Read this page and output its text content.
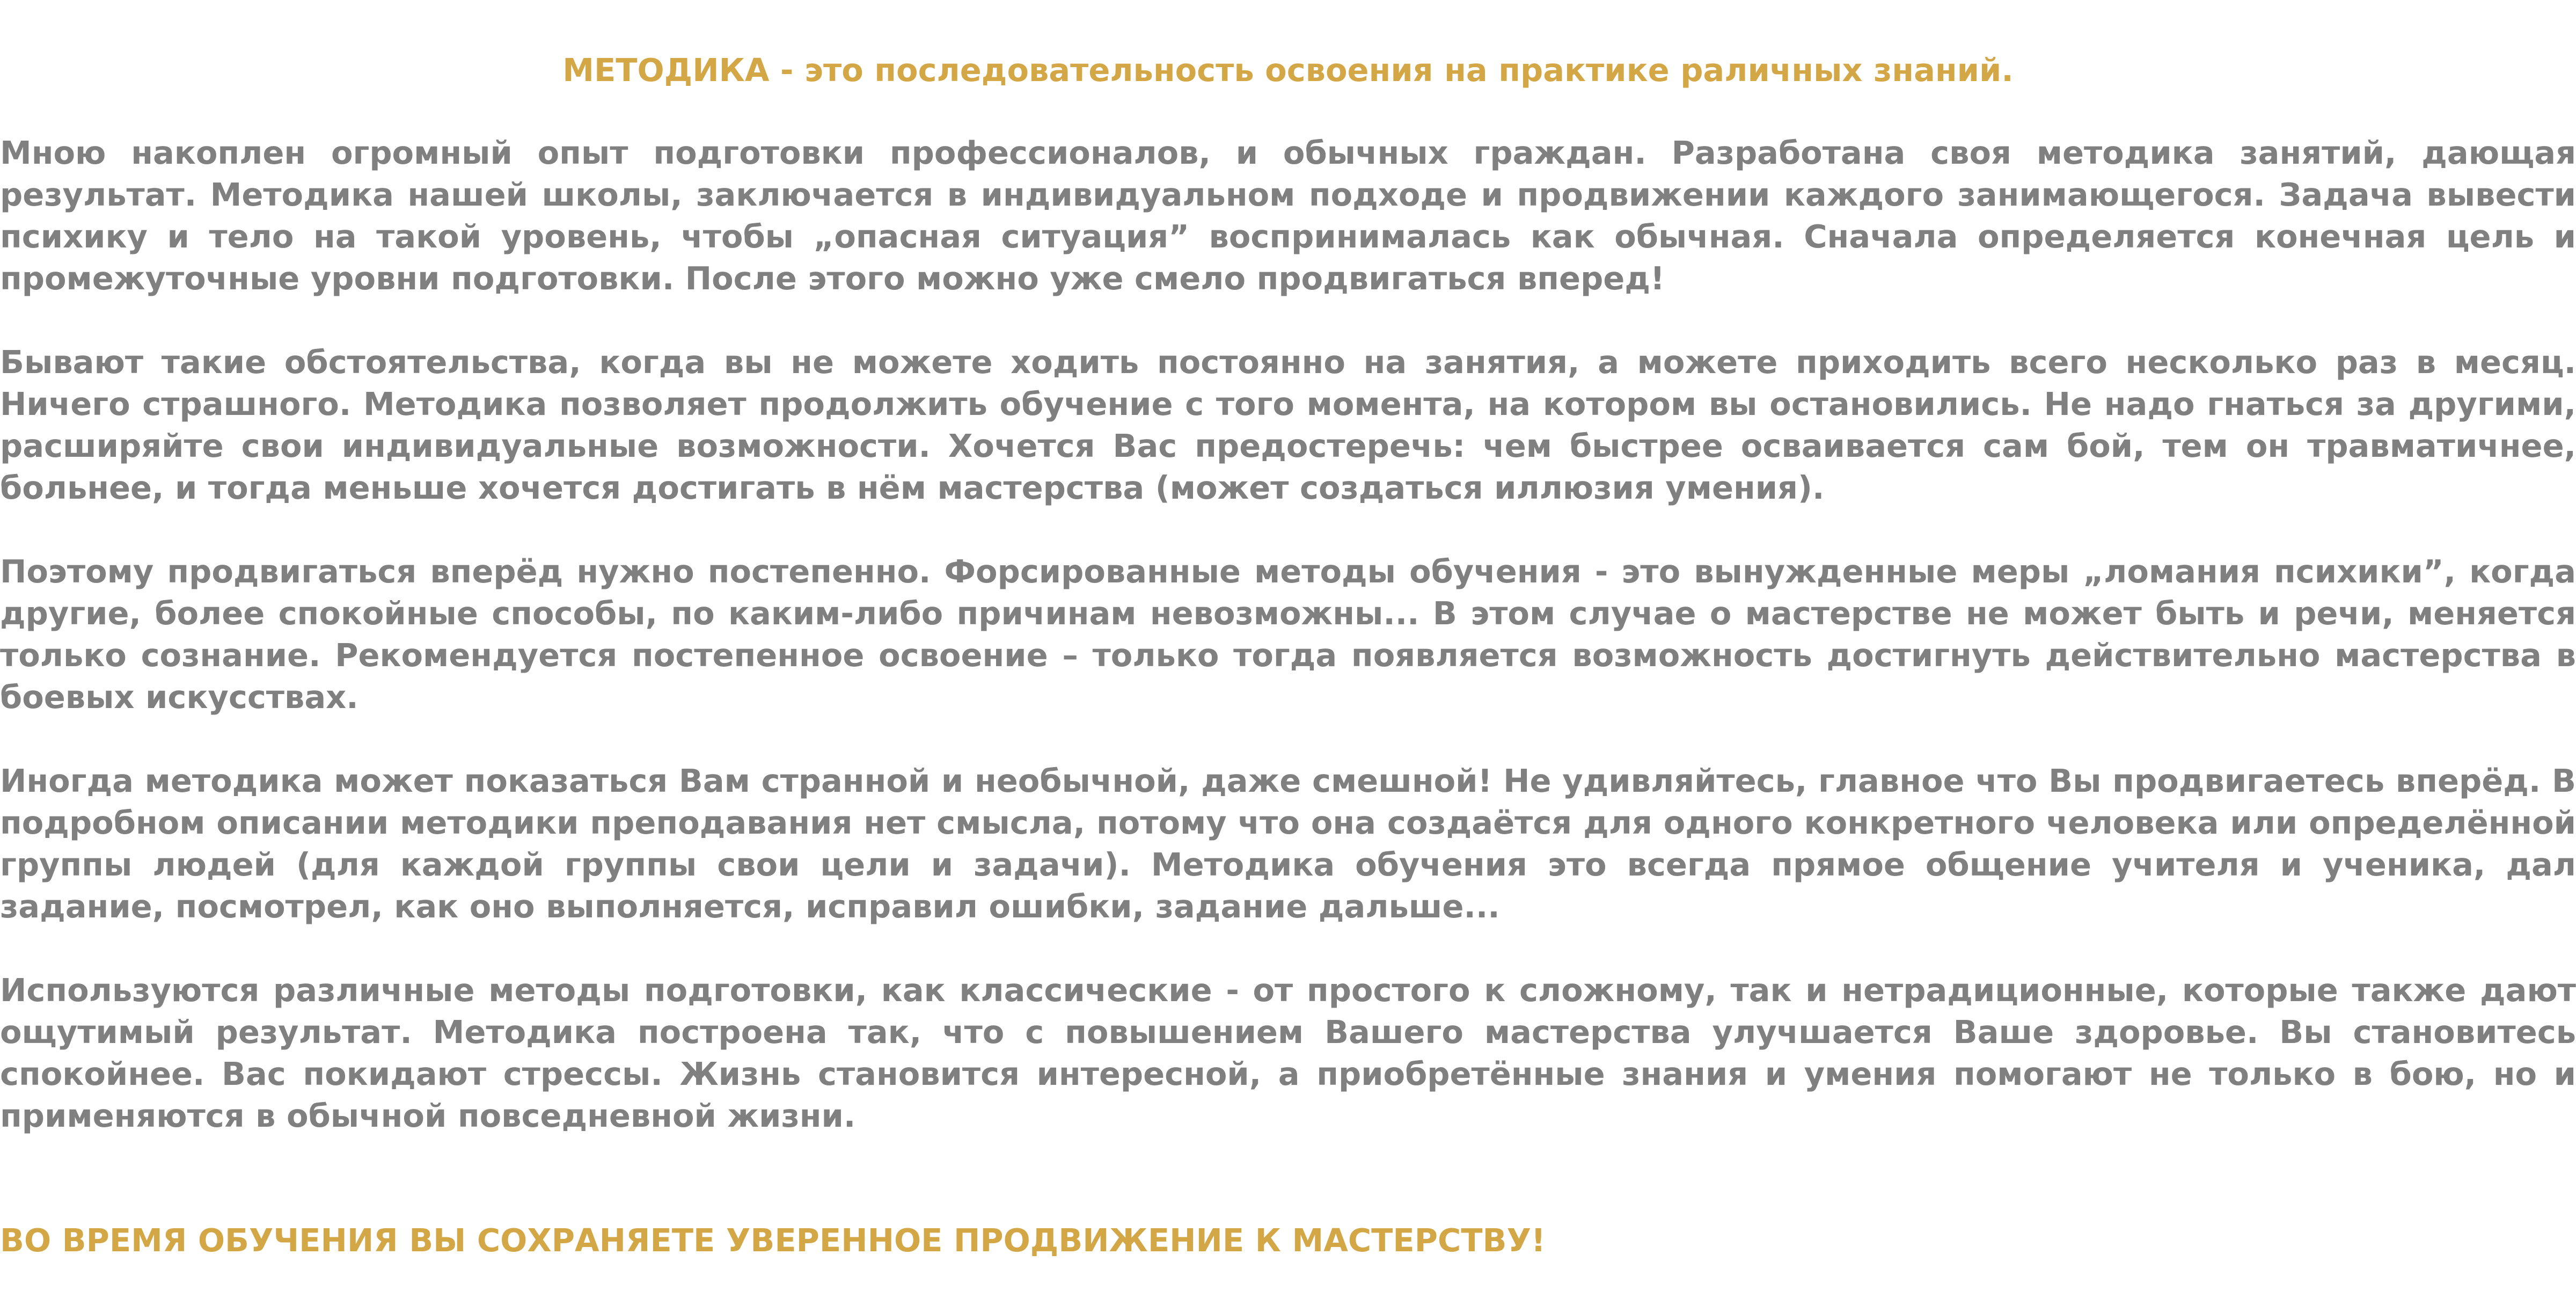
МЕТОДИКА - это последовательность освоения на практике раличных знаний.

Мною накоплен огромный опыт подготовки профессионалов, и обычных граждан. Разработана своя методика занятий, дающая результат. Методика нашей школы, заключается в индивидуальном подходе и продвижении каждого занимающегося. Задача вывести психику и тело на такой уровень, чтобы „опасная ситуация” воспринималась как обычная. Сначала определяется конечная цель и промежуточные уровни подготовки. После этого можно уже смело продвигаться вперед!

Бывают такие обстоятельства, когда вы не можете ходить постоянно на занятия, а можете приходить всего несколько раз в месяц. Ничего страшного. Методика позволяет продолжить обучение с того момента, на котором вы остановились. Не надо гнаться за другими, расширяйте свои индивидуальные возможности. Хочется Вас предостеречь: чем быстрее осваивается сам бой, тем он травматичнее, больнее, и тогда меньше хочется достигать в нём мастерства (может создаться иллюзия умения).

Поэтому продвигаться вперёд нужно постепенно. Форсированные методы обучения - это вынужденные меры „ломания психики”, когда другие, более спокойные способы, по каким-либо причинам невозможны... В этом случае о мастерстве не может быть и речи, меняется только сознание. Рекомендуется постепенное освоение – только тогда появляется возможность достигнуть действительно мастерства в боевых искусствах.

Иногда методика может показаться Вам странной и необычной, даже смешной! Не удивляйтесь, главное что Вы продвигаетесь вперёд. В подробном описании методики преподавания нет смысла, потому что она создаётся для одного конкретного человека или определённой группы людей (для каждой группы свои цели и задачи). Методика обучения это всегда прямое общение учителя и ученика, дал задание, посмотрел, как оно выполняется, исправил ошибки, задание дальше...

Используются различные методы подготовки, как классические - от простого к сложному, так и нетрадиционные, которые также дают ощутимый результат. Методика построена так, что с повышением Вашего мастерства улучшается Ваше здоровье. Вы становитесь спокойнее. Вас покидают стрессы. Жизнь становится интересной, а приобретённые знания и умения помогают не только в бою, но и применяются в обычной повседневной жизни.

ВО ВРЕМЯ ОБУЧЕНИЯ ВЫ СОХРАНЯЕТЕ УВЕРЕННОЕ ПРОДВИЖЕНИЕ К МАСТЕРСТВУ!
